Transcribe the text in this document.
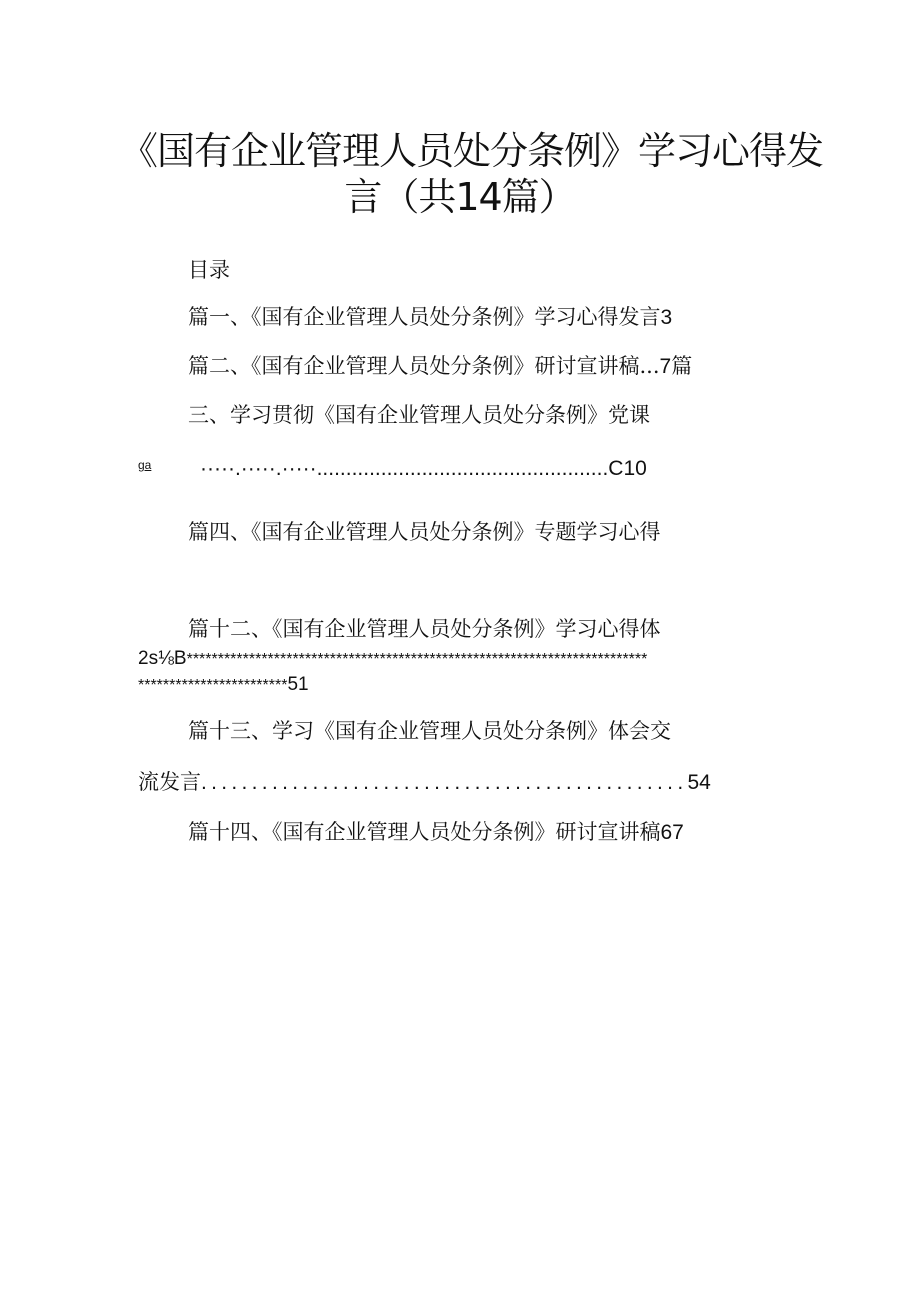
《国有企业管理人员处分条例》学习心得发
言（共14篇）
目录
篇一、《国有企业管理人员处分条例》学习心得发言3
篇二、《国有企业管理人员处分条例》研讨宣讲稿...7篇
三、学习贯彻《国有企业管理人员处分条例》党课
ga ·····.·····.·····..................................................C10
篇四、《国有企业管理人员处分条例》专题学习心得
篇十二、《国有企业管理人员处分条例》学习心得体
2s⅛B**************************************************************************
************************51
篇十三、学习《国有企业管理人员处分条例》体会交
流发言................................................54
篇十四、《国有企业管理人员处分条例》研讨宣讲稿67
